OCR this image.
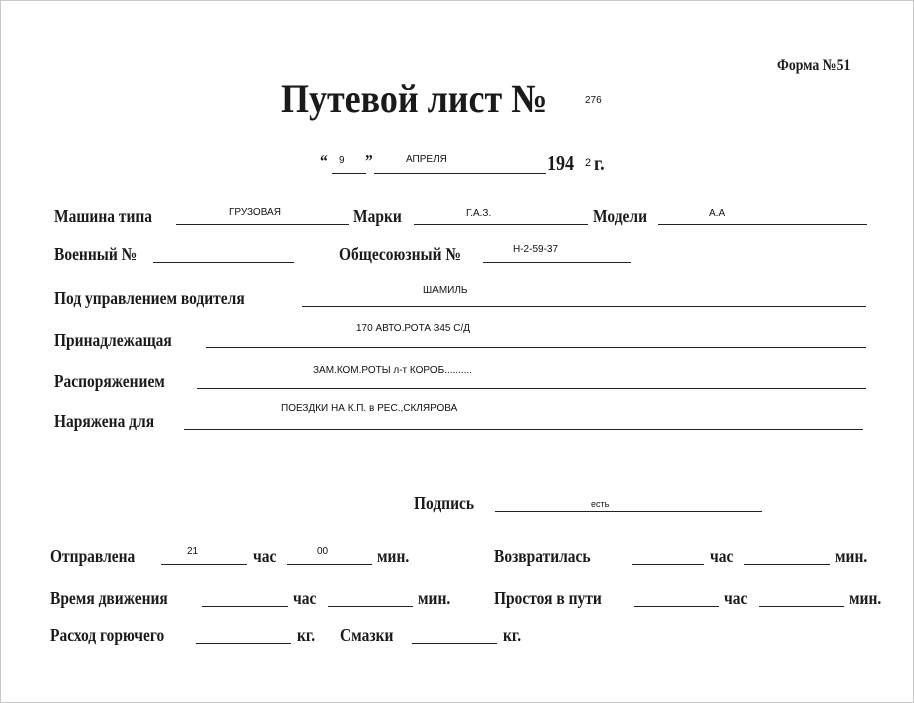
Форма №51
Путевой лист №	276
“ 9 ”	АПРЕЛЯ	194 2 г.
Машина типа	ГРУЗОВАЯ	Марки	Г.А.З.	Модели	А.А
Военный №	Общесоюзный №	Н-2-59-37
Под управлением водителя	ШАМИЛЬ
Принадлежащая
170 АВТО.РОТА 345 С/Д
Распоряжением
ЗАМ.КОМ.РОТЫ л-т КОРОБ..........
Наряжена для
ПОЕЗДКИ НА К.П. в РЕС.,СКЛЯРОВА
Подпись	есть
Отправлена	21	час	00	мин.	Возвратилась	час	мин.
Время движения	час	мин. Простоя в пути	час	мин.
Расход горючего	кг. Смазки	кг.
